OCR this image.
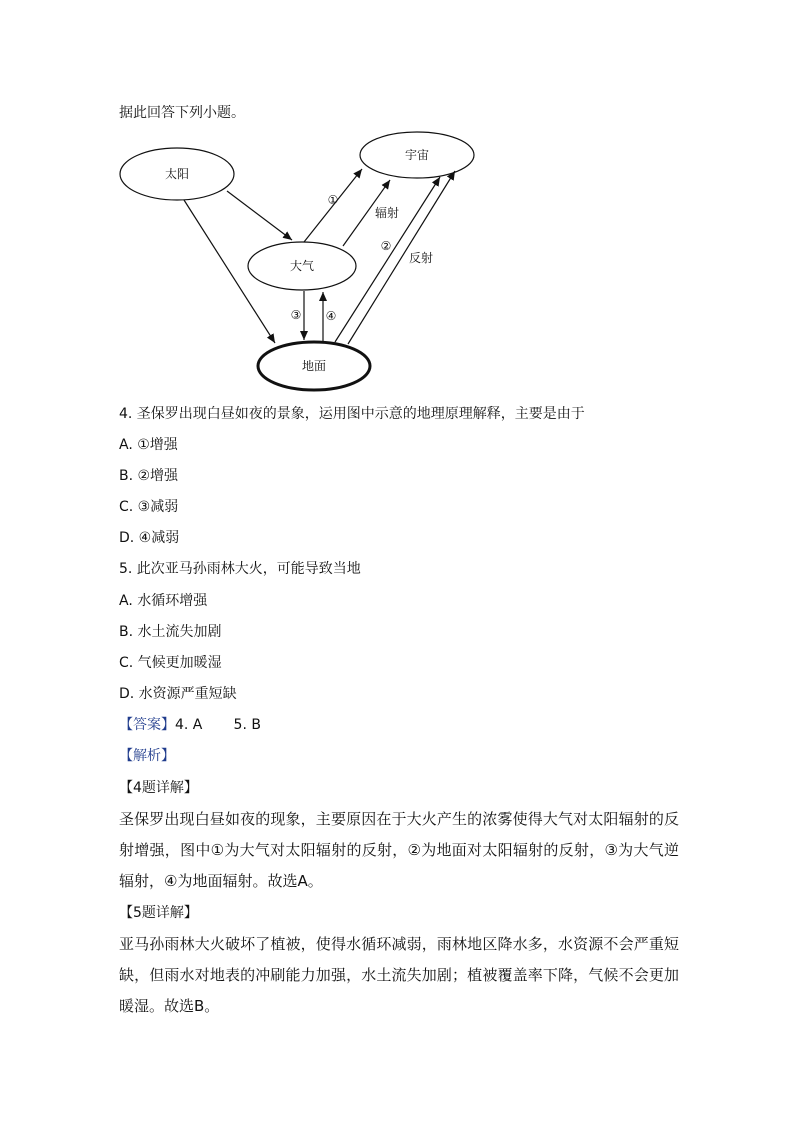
据此回答下列小题。
太阳
宇宙
大气
地面
①
辐射
②
反射
③ ④
4. 圣保罗出现白昼如夜的景象，运用图中示意的地理原理解释，主要是由于
A. ①增强
B. ②增强
C. ③减弱
D. ④减弱
5. 此次亚马孙雨林大火，可能导致当地
A. 水循环增强
B. 水土流失加剧
C. 气候更加暖湿
D. 水资源严重短缺
【答案】4. A       5. B
【解析】
【4题详解】
圣保罗出现白昼如夜的现象，主要原因在于大火产生的浓雾使得大气对太阳辐射的反射增强，图中①为大气对太阳辐射的反射，②为地面对太阳辐射的反射，③为大气逆辐射，④为地面辐射。故选A。
【5题详解】
亚马孙雨林大火破坏了植被，使得水循环减弱，雨林地区降水多，水资源不会严重短缺，但雨水对地表的冲刷能力加强，水土流失加剧；植被覆盖率下降，气候不会更加暖湿。故选B。
